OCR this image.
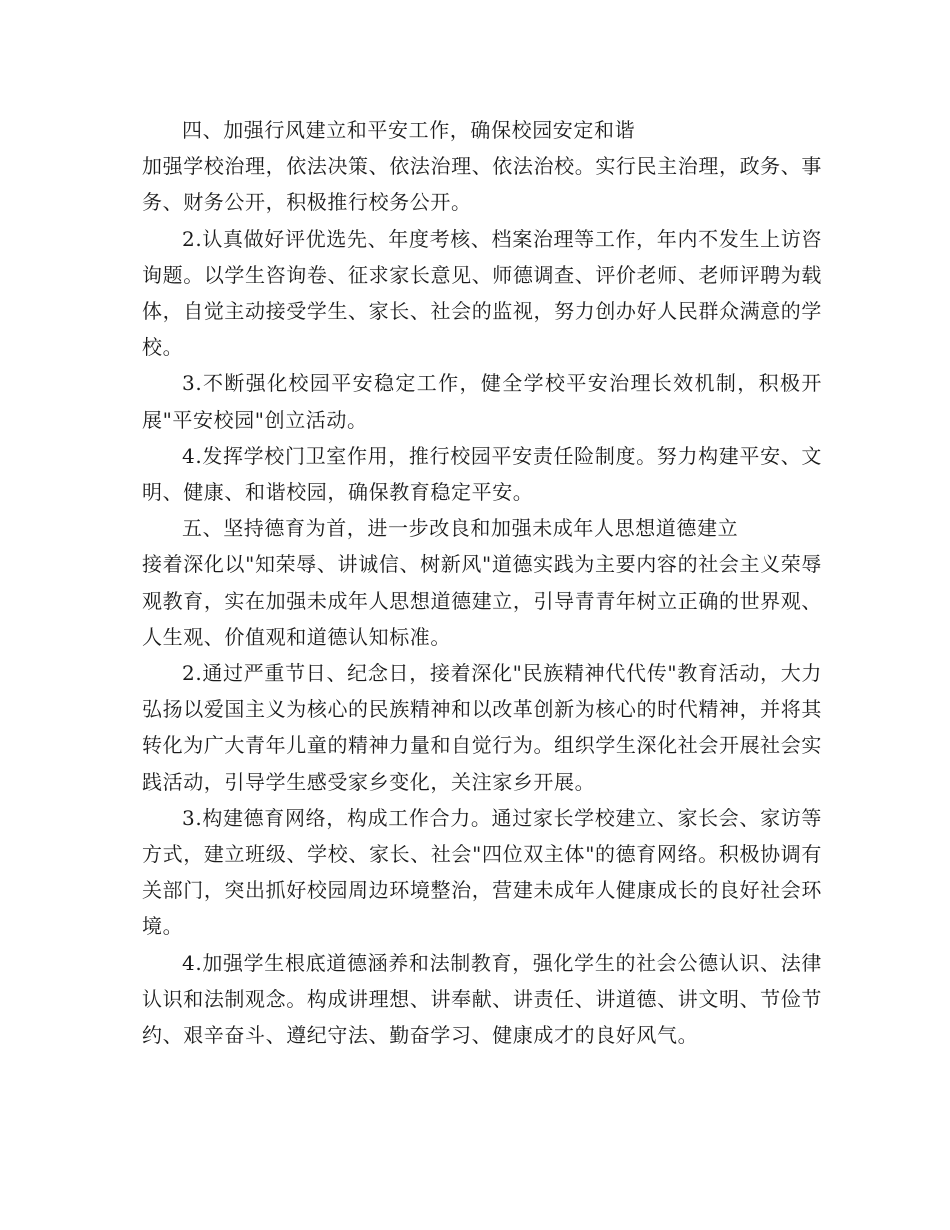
四、加强行风建立和平安工作，确保校园安定和谐

加强学校治理，依法决策、依法治理、依法治校。实行民主治理，政务、事务、财务公开，积极推行校务公开。

2.认真做好评优选先、年度考核、档案治理等工作，年内不发生上访咨询题。以学生咨询卷、征求家长意见、师德调查、评价老师、老师评聘为载体，自觉主动接受学生、家长、社会的监视，努力创办好人民群众满意的学校。

3.不断强化校园平安稳定工作，健全学校平安治理长效机制，积极开展"平安校园"创立活动。

4.发挥学校门卫室作用，推行校园平安责任险制度。努力构建平安、文明、健康、和谐校园，确保教育稳定平安。

五、坚持德育为首，进一步改良和加强未成年人思想道德建立

接着深化以"知荣辱、讲诚信、树新风"道德实践为主要内容的社会主义荣辱观教育，实在加强未成年人思想道德建立，引导青青年树立正确的世界观、人生观、价值观和道德认知标准。

2.通过严重节日、纪念日，接着深化"民族精神代代传"教育活动，大力弘扬以爱国主义为核心的民族精神和以改革创新为核心的时代精神，并将其转化为广大青年儿童的精神力量和自觉行为。组织学生深化社会开展社会实践活动，引导学生感受家乡变化，关注家乡开展。

3.构建德育网络，构成工作合力。通过家长学校建立、家长会、家访等方式，建立班级、学校、家长、社会"四位双主体"的德育网络。积极协调有关部门，突出抓好校园周边环境整治，营建未成年人健康成长的良好社会环境。

4.加强学生根底道德涵养和法制教育，强化学生的社会公德认识、法律认识和法制观念。构成讲理想、讲奉献、讲责任、讲道德、讲文明、节俭节约、艰辛奋斗、遵纪守法、勤奋学习、健康成才的良好风气。
